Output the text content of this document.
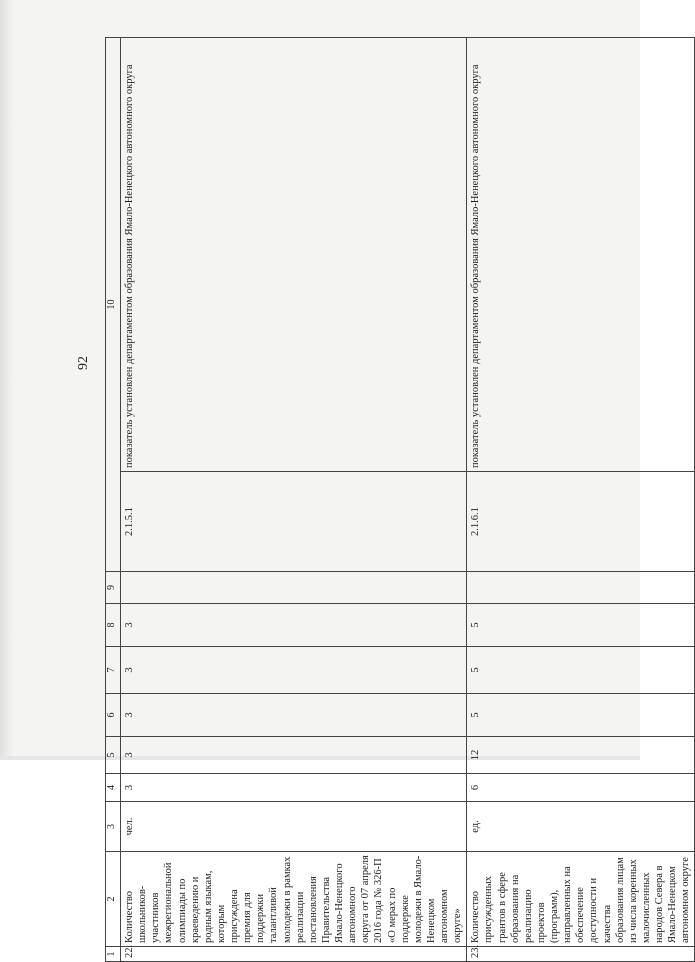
92
1	2	3	4	5	6	7	8	9	10	
22.	Количество школьников-участников межрегиональной олимпиады по краеведению и родным языкам, которым присуждена премия для поддержки талантливой молодежи в рамках реализации постановления Правительства Ямало-Ненецкого автономного округа от 07 апреля 2016 года № 326-П «О мерах по поддержке молодежи в Ямало-Ненецком автономном округе»	чел.	3	3	3	3	3		2.1.5.1	показатель установлен департаментом образования Ямало-Ненецкого автономного округа
23.	Количество присужденных грантов в сфере образования на реализацию проектов (программ), направленных на обеспечение доступности и качества образования лицам из числа коренных малочисленных народов Севера в Ямало-Ненецком автономном округе	ед.	6	12	5	5	5		2.1.6.1	показатель установлен департаментом образования Ямало-Ненецкого автономного округа
